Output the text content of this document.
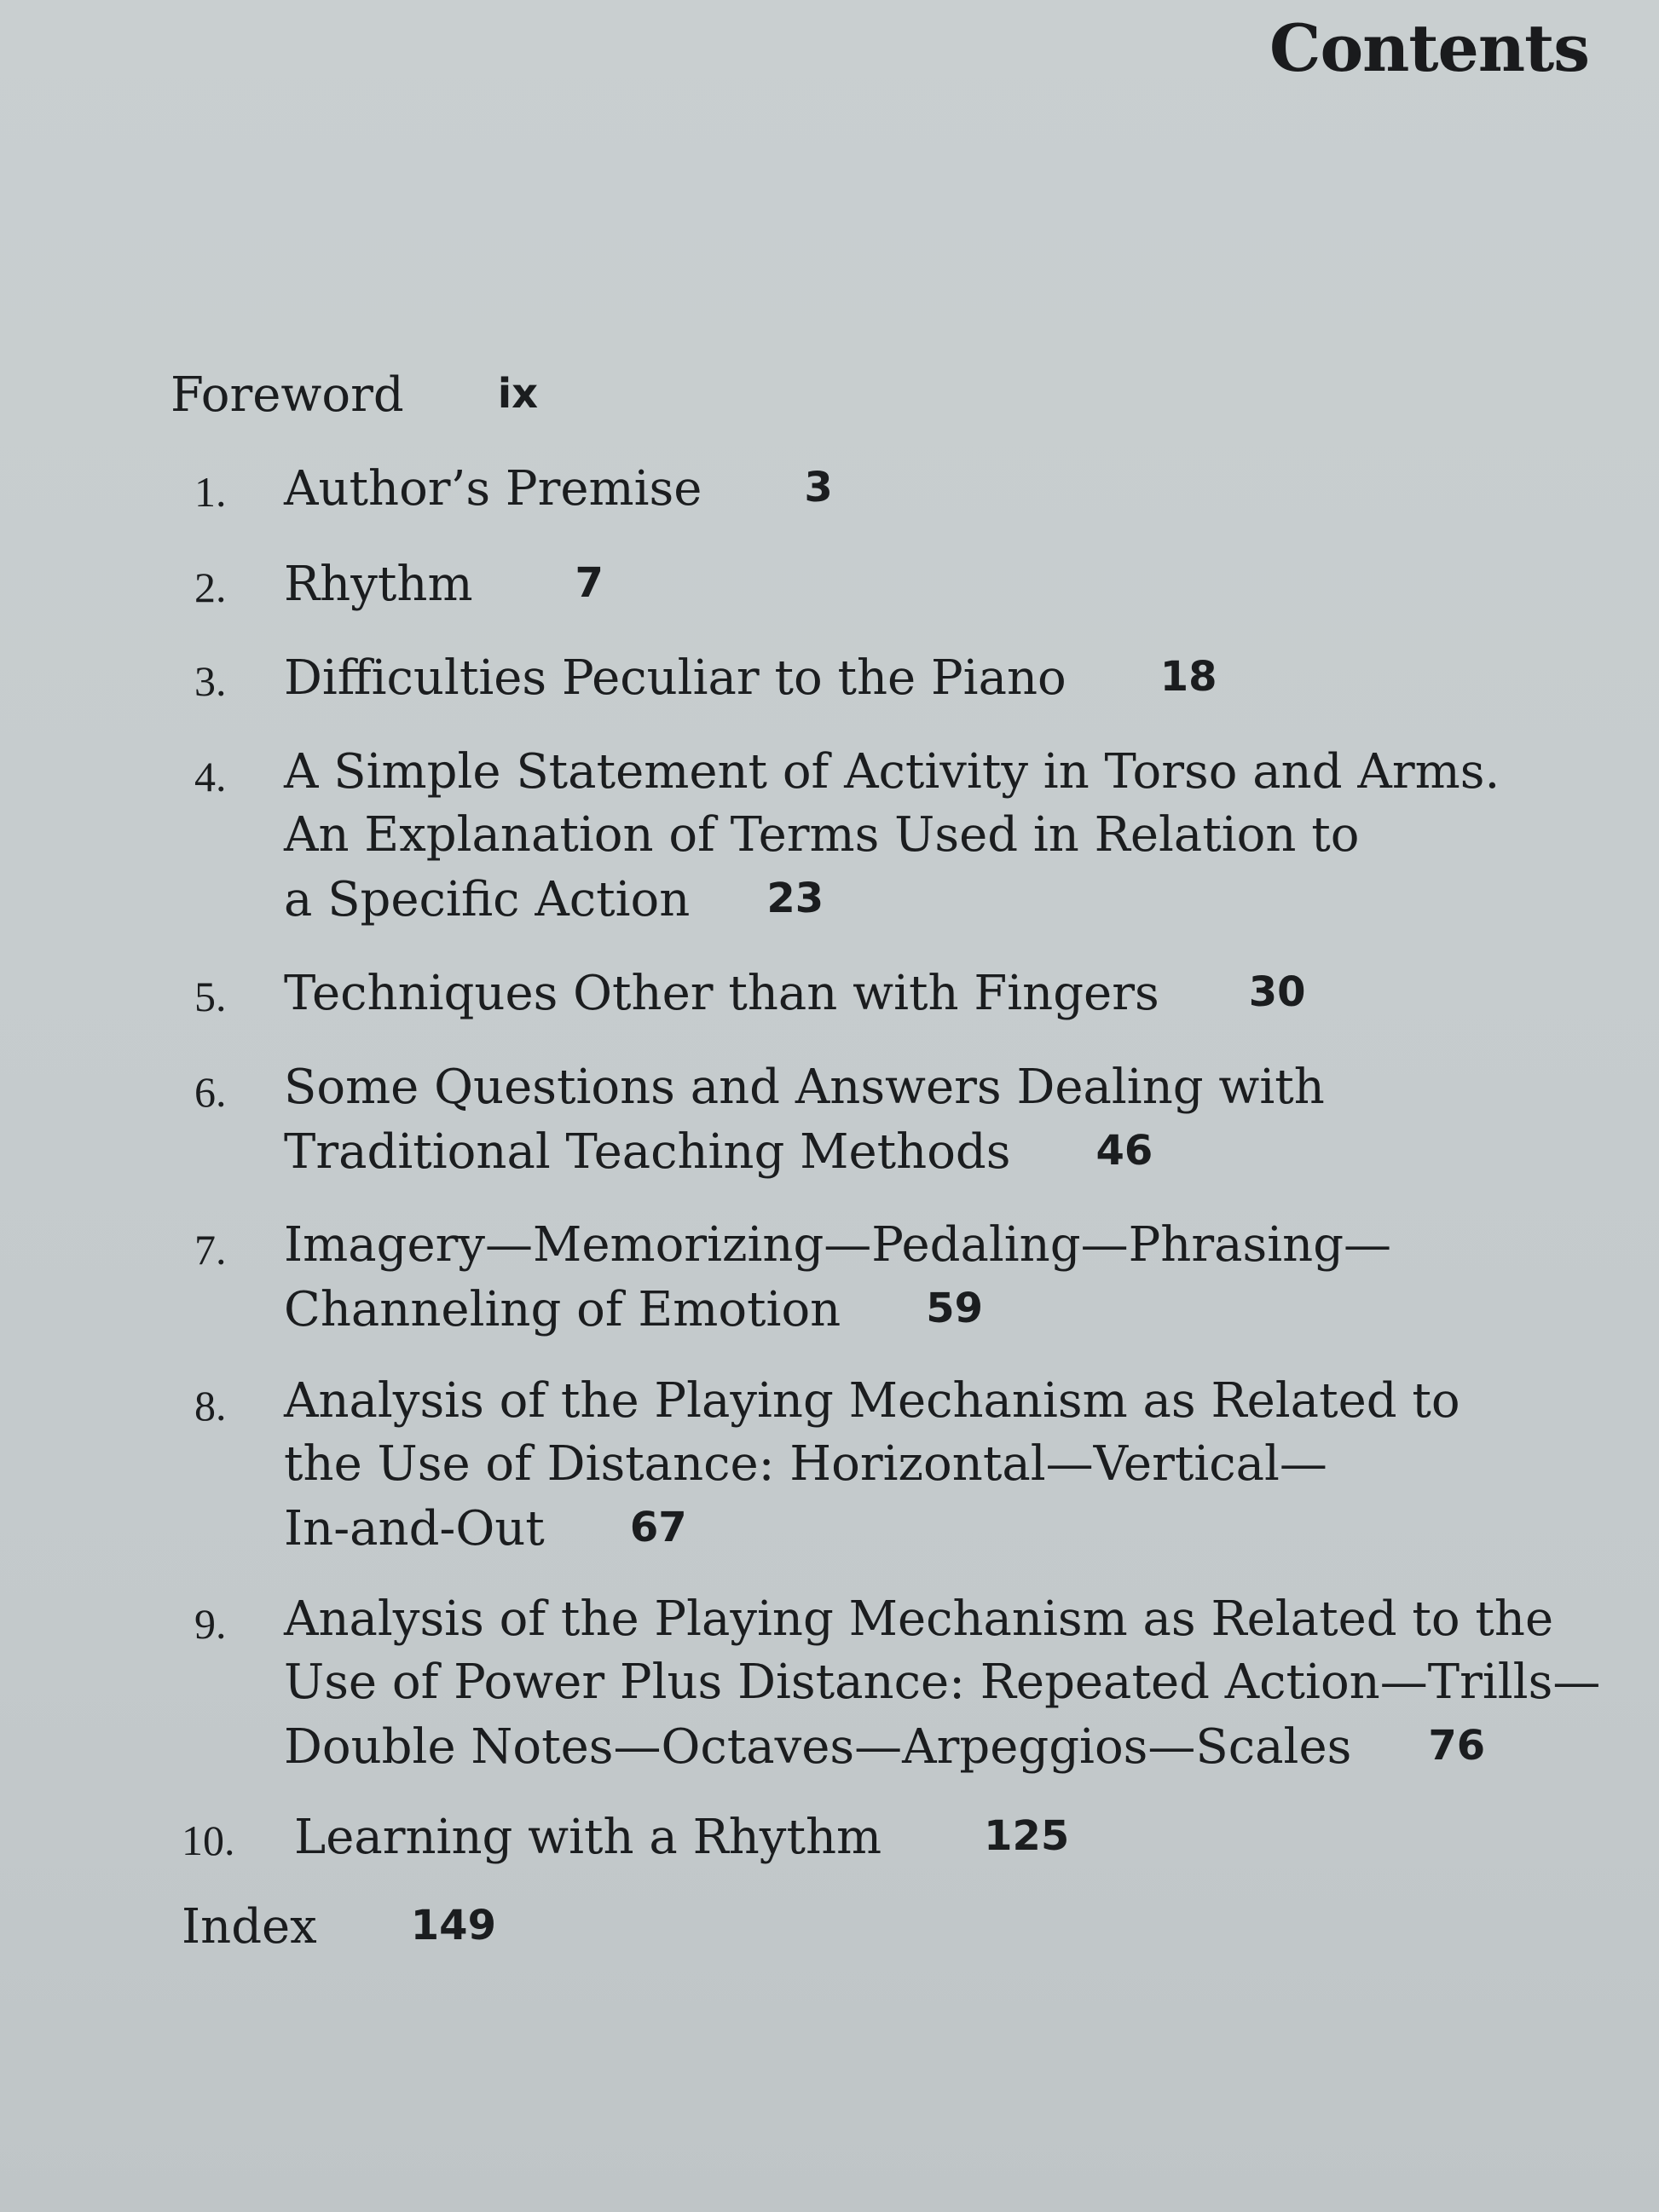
Contents
Foreword ix
1. Author’s Premise	3
2. Rhythm	7
3. Difficulties Peculiar to the Piano 18
4. A Simple Statement of Activity in Torso and Arms.
An Explanation of Terms Used in Relation to
a Specific Action 23
5. Techniques Other than with Fingers 30
6. Some Questions and Answers Dealing with
Traditional Teaching Methods 46
7. Imagery—Memorizing—Pedaling—Phrasing—
Channeling of Emotion 59
8. Analysis of the Playing Mechanism as Related to
the Use of Distance: Horizontal—Vertical—
In-and-Out 67
9. Analysis of the Playing Mechanism as Related to the
Use of Power Plus Distance: Repeated Action—Trills—
Double Notes—Octaves—Arpeggios—Scales 76
10. Learning with a Rhythm	125
Index 149
